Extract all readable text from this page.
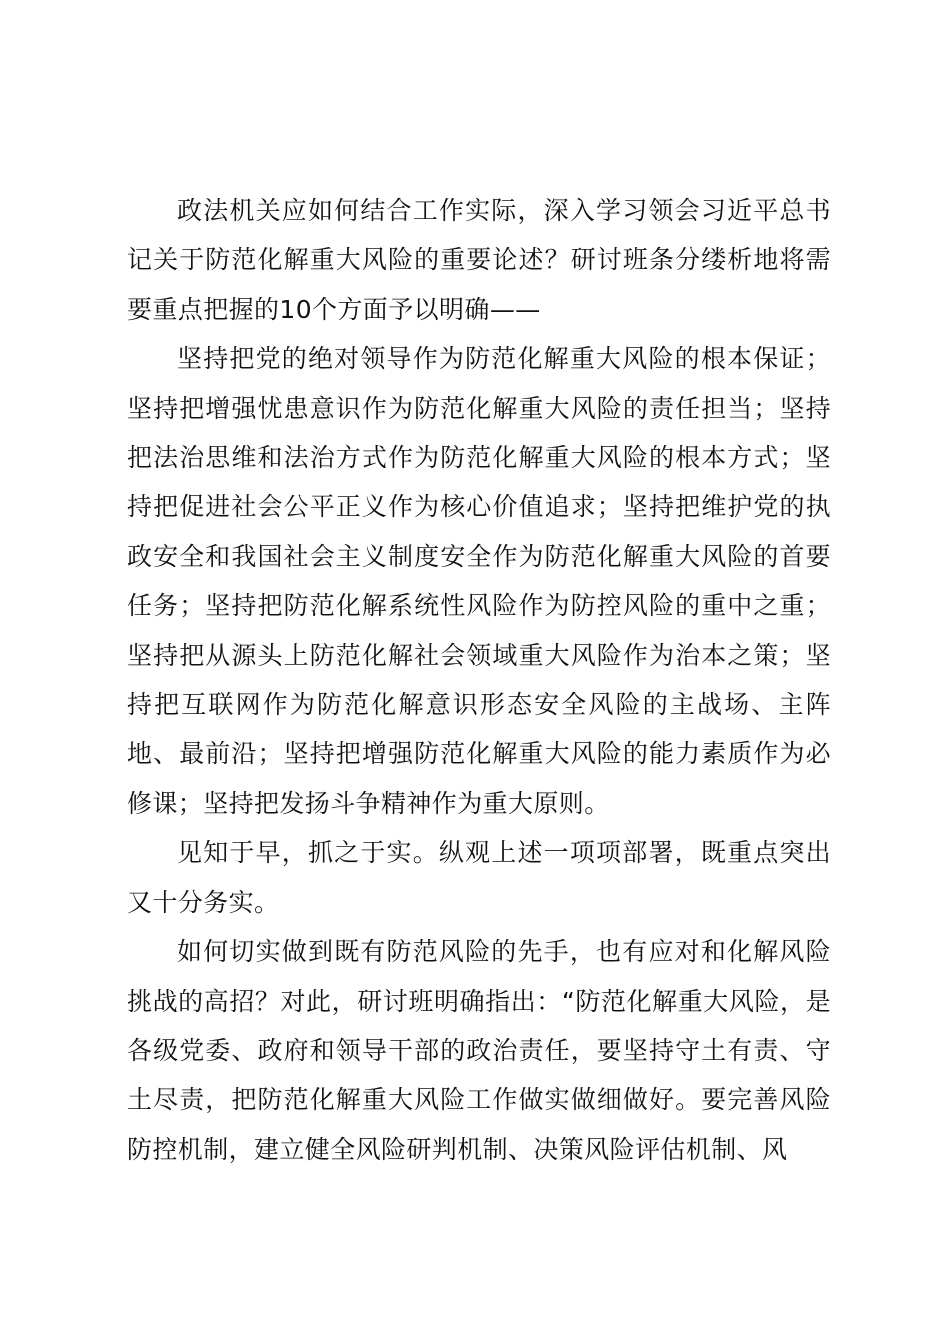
政法机关应如何结合工作实际，深入学习领会习近平总书记关于防范化解重大风险的重要论述？研讨班条分缕析地将需要重点把握的10个方面予以明确——

坚持把党的绝对领导作为防范化解重大风险的根本保证；坚持把增强忧患意识作为防范化解重大风险的责任担当；坚持把法治思维和法治方式作为防范化解重大风险的根本方式；坚持把促进社会公平正义作为核心价值追求；坚持把维护党的执政安全和我国社会主义制度安全作为防范化解重大风险的首要任务；坚持把防范化解系统性风险作为防控风险的重中之重；坚持把从源头上防范化解社会领域重大风险作为治本之策；坚持把互联网作为防范化解意识形态安全风险的主战场、主阵地、最前沿；坚持把增强防范化解重大风险的能力素质作为必修课；坚持把发扬斗争精神作为重大原则。

见知于早，抓之于实。纵观上述一项项部署，既重点突出又十分务实。

如何切实做到既有防范风险的先手，也有应对和化解风险挑战的高招？对此，研讨班明确指出：“防范化解重大风险，是各级党委、政府和领导干部的政治责任，要坚持守土有责、守土尽责，把防范化解重大风险工作做实做细做好。要完善风险防控机制，建立健全风险研判机制、决策风险评估机制、风
